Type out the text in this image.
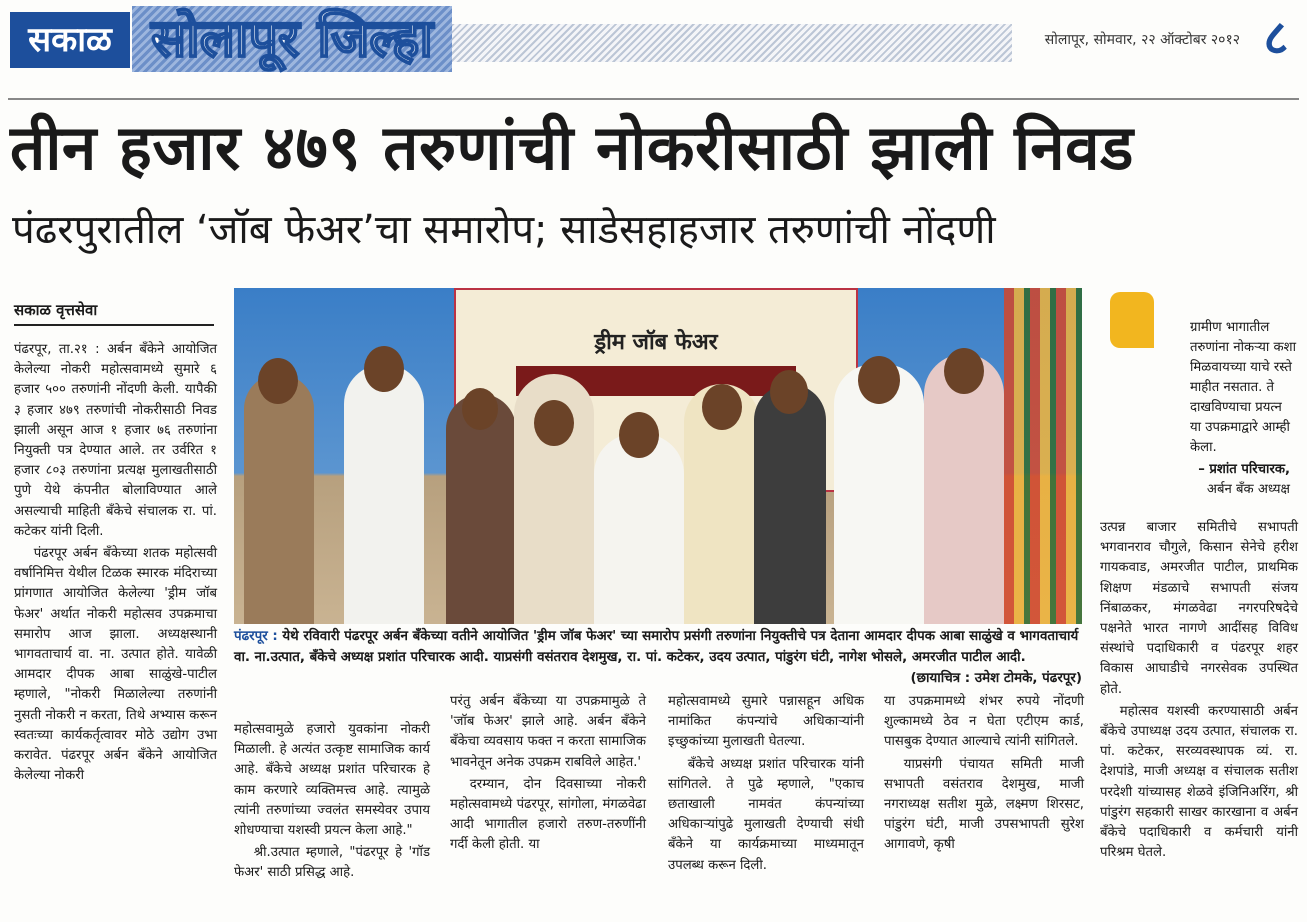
सकाळ सोलापूर जिल्हा	सोलापूर, सोमवार, २२ ऑक्टोबर २०१२ ८
तीन हजार ४७९ तरुणांची नोकरीसाठी झाली निवड
पंढरपुरातील ‘जॉब फेअर’चा समारोप; साडेसहाहजार तरुणांची नोंदणी
सकाळ वृत्तसेवा

पंढरपूर, ता.२१ : अर्बन बॅंकेने आयोजित केलेल्या नोकरी महोत्सवामध्ये सुमारे ६ हजार ५०० तरुणांनी नोंदणी केली. यापैकी ३ हजार ४७९ तरुणांची नोकरीसाठी निवड झाली असून आज १ हजार ७६ तरुणांना नियुक्ती पत्र देण्यात आले. तर उर्वरित १ हजार ८०३ तरुणांना प्रत्यक्ष मुलाखतीसाठी पुणे येथे कंपनीत बोलाविण्यात आले असल्याची माहिती बॅंकेचे संचालक रा. पां. कटेकर यांनी दिली.

पंढरपूर अर्बन बॅंकेच्या शतक महोत्सवी वर्षानिमित्त येथील टिळक स्मारक मंदिराच्या प्रांगणात आयोजित केलेल्या 'ड्रीम जॉब फेअर' अर्थात नोकरी महोत्सव उपक्रमाचा समारोप आज झाला. अध्यक्षस्थानी भागवताचार्य वा. ना. उत्पात होते. यावेळी आमदार दीपक आबा साळुंखे-पाटील म्हणाले, "नोकरी मिळालेल्या तरुणांनी नुसती नोकरी न करता, तिथे अभ्यास करून स्वतःच्या कार्यकर्तृत्वावर मोठे उद्योग उभा करावेत. पंढरपूर अर्बन बॅंकेने आयोजित केलेल्या नोकरी

ड्रीम जॉब फेअर
पंढरपूर : येथे रविवारी पंढरपूर अर्बन बॅंकेच्या वतीने आयोजित 'ड्रीम जॉब फेअर' च्या समारोप प्रसंगी तरुणांना नियुक्तीचे पत्र देताना आमदार दीपक आबा साळुंखे व भागवताचार्य वा. ना.उत्पात, बॅंकेचे अध्यक्ष प्रशांत परिचारक आदी. याप्रसंगी वसंतराव देशमुख, रा. पां. कटेकर, उदय उत्पात, पांडुरंग घंटी, नागेश भोसले, अमरजीत पाटील आदी.
(छायाचित्र : उमेश टोमके, पंढरपूर)
ग्रामीण भागातील तरुणांना नोकऱ्या कशा मिळवायच्या याचे रस्ते माहीत नसतात. ते दाखविण्याचा प्रयत्न या उपक्रमाद्वारे आम्ही केला.
– प्रशांत परिचारक,
अर्बन बॅंक अध्यक्ष

महोत्सवामुळे हजारो युवकांना नोकरी मिळाली. हे अत्यंत उत्कृष्ट सामाजिक कार्य आहे. बॅंकेचे अध्यक्ष प्रशांत परिचारक हे काम करणारे व्यक्तिमत्त्व आहे. त्यामुळे त्यांनी तरुणांच्या ज्वलंत समस्येवर उपाय शोधण्याचा यशस्वी प्रयत्न केला आहे."

श्री.उत्पात म्हणाले, "पंढरपूर हे 'गॉड फेअर' साठी प्रसिद्ध आहे.

परंतु अर्बन बॅंकेच्या या उपक्रमामुळे ते 'जॉब फेअर' झाले आहे. अर्बन बॅंकेने बॅंकेचा व्यवसाय फक्त न करता सामाजिक भावनेतून अनेक उपक्रम राबविले आहेत.'

दरम्यान, दोन दिवसाच्या नोकरी महोत्सवामध्ये पंढरपूर, सांगोला, मंगळवेढा आदी भागातील हजारो तरुण-तरुणींनी गर्दी केली होती. या

महोत्सवामध्ये सुमारे पन्नासहून अधिक नामांकित कंपन्यांचे अधिकाऱ्यांनी इच्छुकांच्या मुलाखती घेतल्या.

बॅंकेचे अध्यक्ष प्रशांत परिचारक यांनी सांगितले. ते पुढे म्हणाले, "एकाच छताखाली नामवंत कंपन्यांच्या अधिकाऱ्यांपुढे मुलाखती देण्याची संधी बॅंकेने या कार्यक्रमाच्या माध्यमातून उपलब्ध करून दिली.

या उपक्रमामध्ये शंभर रुपये नोंदणी शुल्कामध्ये ठेव न घेता एटीएम कार्ड, पासबुक देण्यात आल्याचे त्यांनी सांगितले.

याप्रसंगी पंचायत समिती माजी सभापती वसंतराव देशमुख, माजी नगराध्यक्ष सतीश मुळे, लक्ष्मण शिरसट, पांडुरंग घंटी, माजी उपसभापती सुरेश आगावणे, कृषी

उत्पन्न बाजार समितीचे सभापती भगवानराव चौगुले, किसान सेनेचे हरीश गायकवाड, अमरजीत पाटील, प्राथमिक शिक्षण मंडळाचे सभापती संजय निंबाळकर, मंगळवेढा नगरपरिषदेचे पक्षनेते भारत नागणे आदींसह विविध संस्थांचे पदाधिकारी व पंढरपूर शहर विकास आघाडीचे नगरसेवक उपस्थित होते.

महोत्सव यशस्वी करण्यासाठी अर्बन बॅंकेचे उपाध्यक्ष उदय उत्पात, संचालक रा. पां. कटेकर, सरव्यवस्थापक व्यं. रा. देशपांडे, माजी अध्यक्ष व संचालक सतीश परदेशी यांच्यासह शेळवे इंजिनिअरिंग, श्री पांडुरंग सहकारी साखर कारखाना व अर्बन बॅंकेचे पदाधिकारी व कर्मचारी यांनी परिश्रम घेतले.
